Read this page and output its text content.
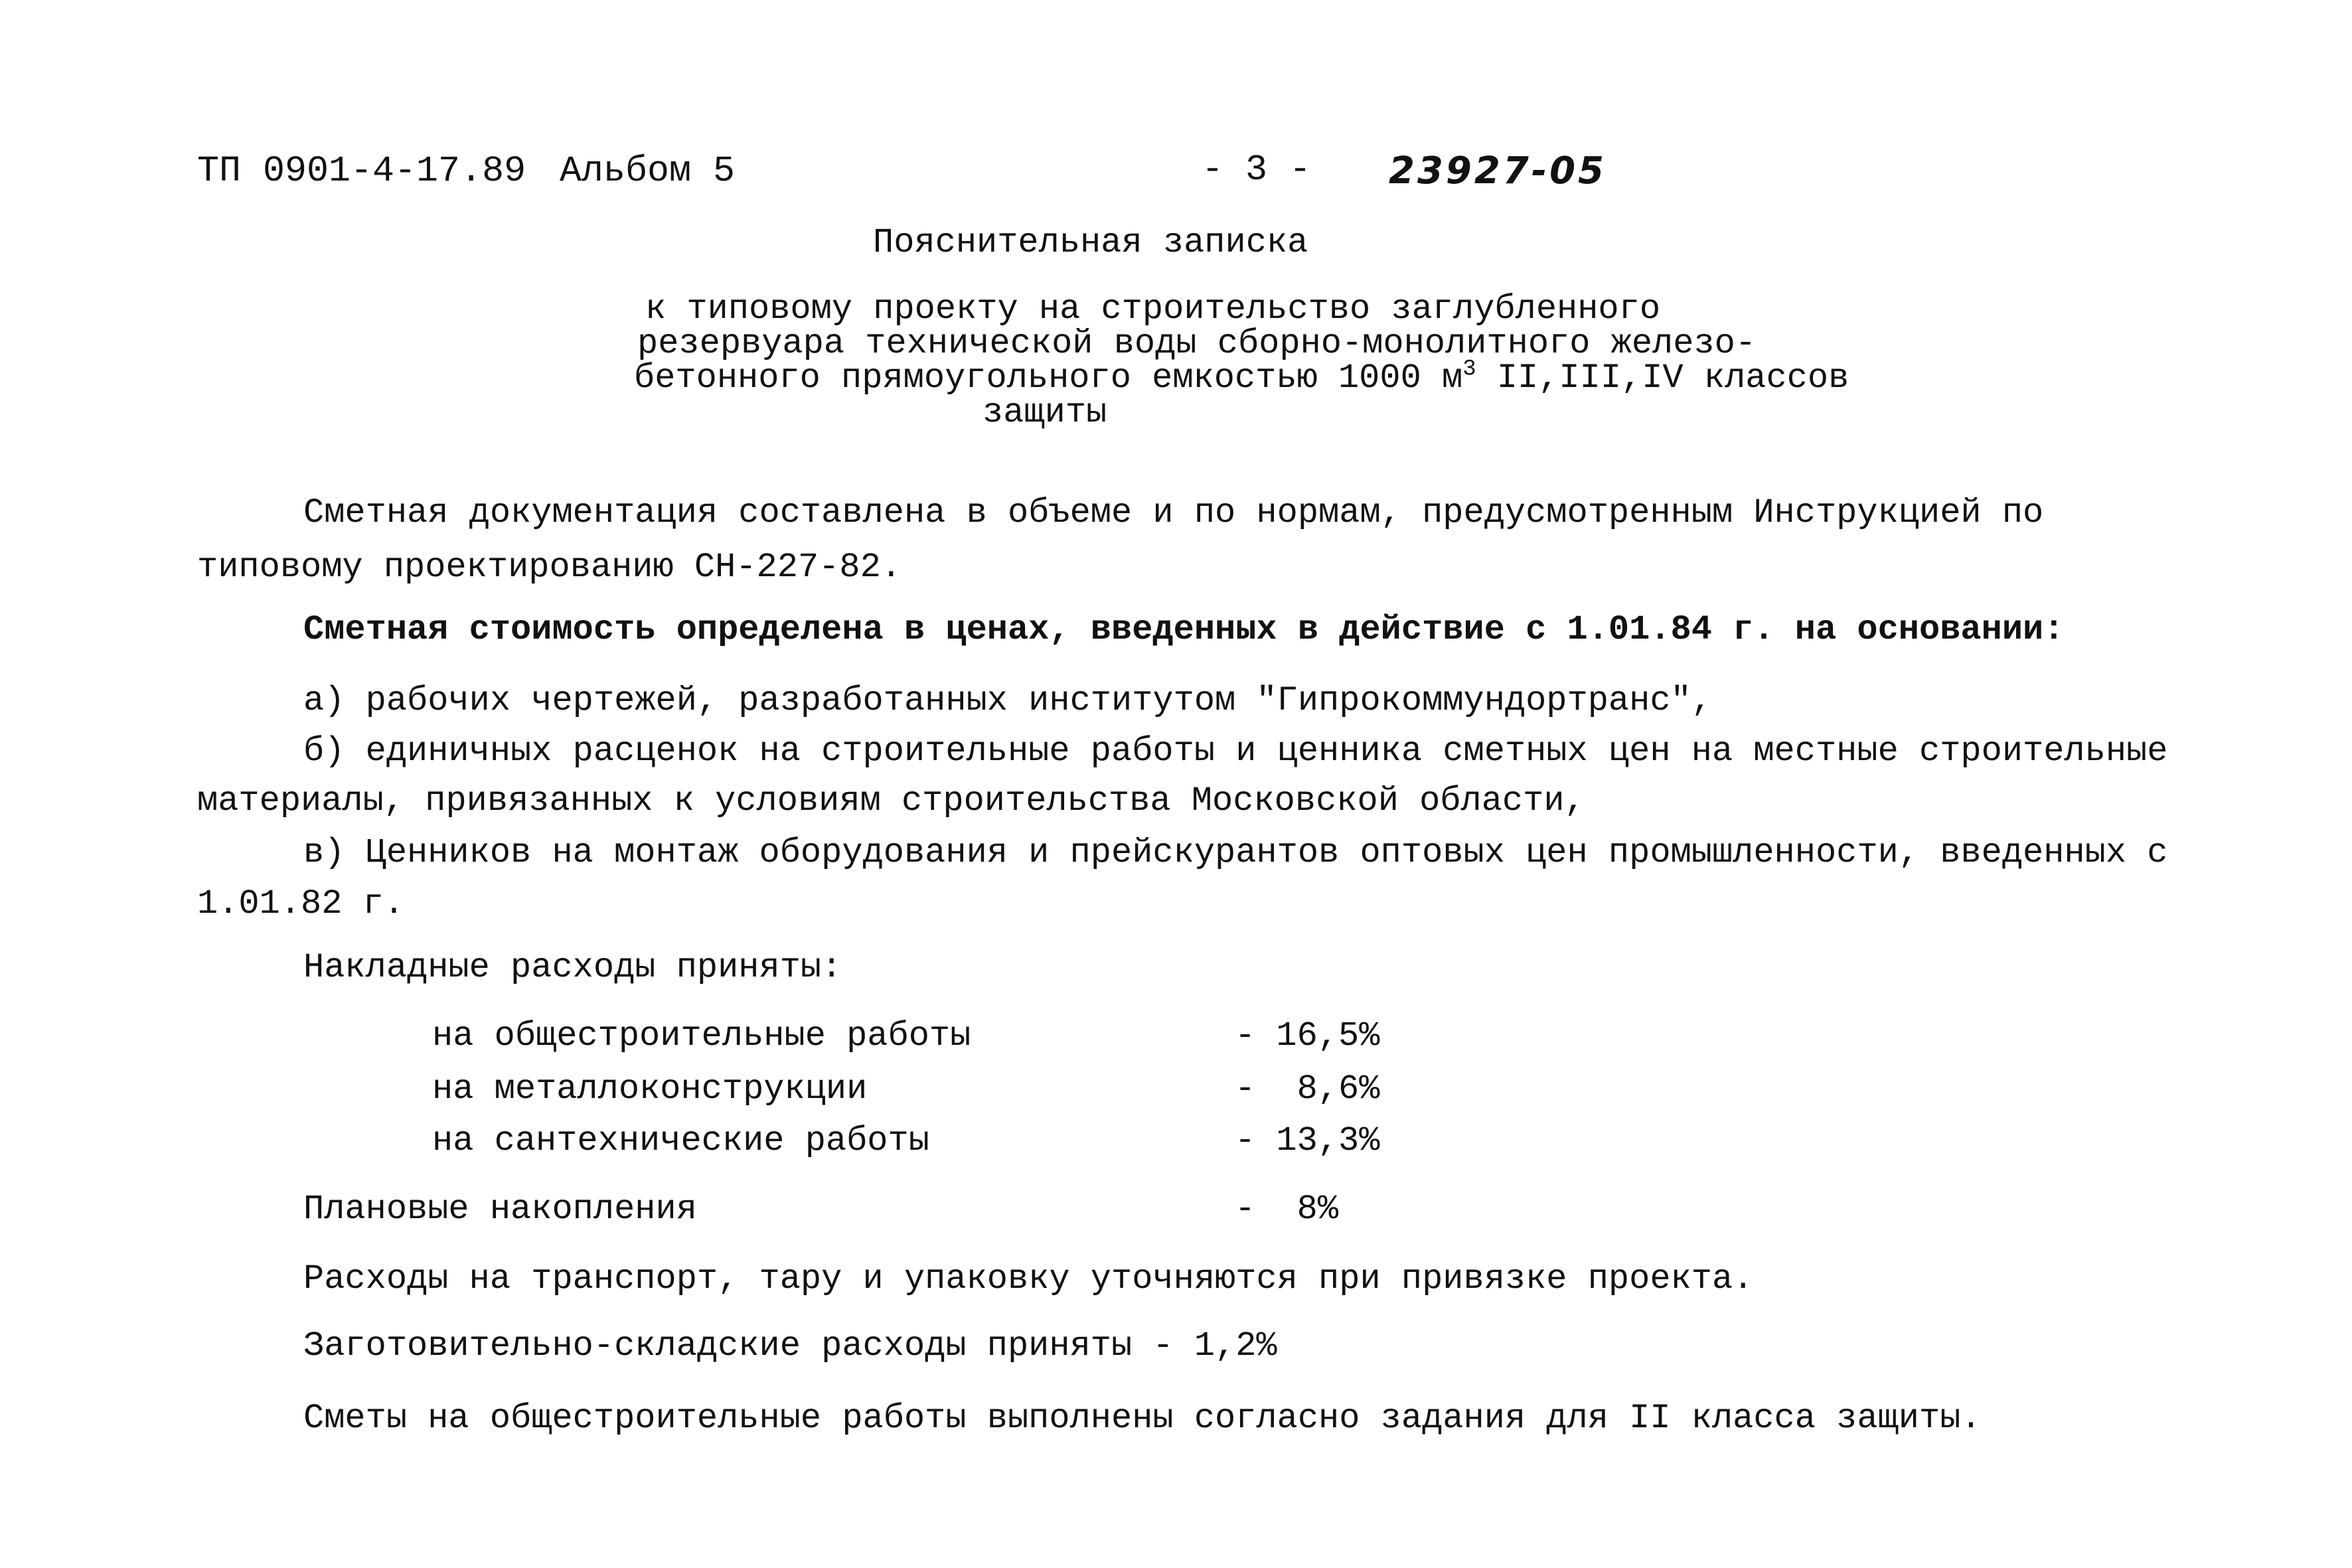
ТП 0901-4-17.89 Альбом 5	- 3 - 23927-05
Пояснительная записка
к типовому проекту на строительство заглубленного
резервуара технической воды сборно-монолитного железо-
бетонного прямоугольного емкостью 1000 $м^3$ II,III,IV классов
защиты
Сметная документация составлена в объеме и по нормам, предусмотренным Инструкцией по
типовому проектированию СН-227-82.
Сметная стоимость определена в ценах, введенных в действие с 1.01.84 г. на основании:
а) рабочих чертежей, разработанных институтом "Гипрокоммундортранс",
б) единичных расценок на строительные работы и ценника сметных цен на местные строительные
материалы, привязанных к условиям строительства Московской области,
в) Ценников на монтаж оборудования и прейскурантов оптовых цен промышленности, введенных с
1.01.82 г.
Накладные расходы приняты:
на общестроительные работы	- 16,5%
на металлоконструкции	-  8,6%
на сантехнические работы	- 13,3%
Плановые накопления	-  8%
Расходы на транспорт, тару и упаковку уточняются при привязке проекта.
Заготовительно-складские расходы приняты - 1,2%
Сметы на общестроительные работы выполнены согласно задания для II класса защиты.
